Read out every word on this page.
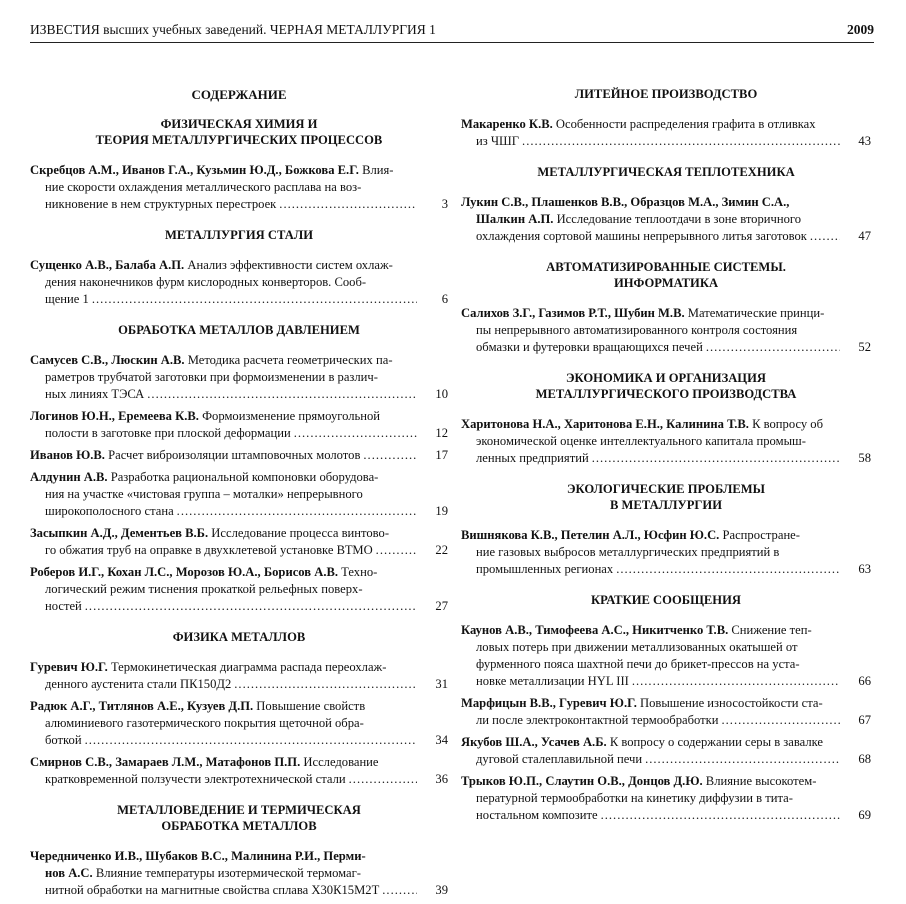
ИЗВЕСТИЯ высших учебных заведений. ЧЕРНАЯ МЕТАЛЛУРГИЯ 1	2009
СОДЕРЖАНИЕ
ФИЗИЧЕСКАЯ ХИМИЯ И
ТЕОРИЯ МЕТАЛЛУРГИЧЕСКИХ ПРОЦЕССОВ
Скребцов А.М., Иванов Г.А., Кузьмин Ю.Д., Божкова Е.Г. Влия-
ние скорости охлаждения металлического расплава на воз-
никновение в нем структурных перестроек .....	3
МЕТАЛЛУРГИЯ СТАЛИ
Сущенко А.В., Балаба А.П. Анализ эффективности систем охлаж-
дения наконечников фурм кислородных конверторов. Сооб-
щение 1 .....	6
ОБРАБОТКА МЕТАЛЛОВ ДАВЛЕНИЕМ
Самусев С.В., Люскин А.В. Методика расчета геометрических па-
раметров трубчатой заготовки при формоизменении в различ-
ных линиях ТЭСА .....	10
Логинов Ю.Н., Еремеева К.В. Формоизменение прямоугольной
полости в заготовке при плоской деформации .....	12
Иванов Ю.В. Расчет виброизоляции штамповочных молотов .....	17
Алдунин А.В. Разработка рациональной компоновки оборудова-
ния на участке «чистовая группа – моталки» непрерывного
широкополосного стана .....	19
Засыпкин А.Д., Дементьев В.Б. Исследование процесса винтово-
го обжатия труб на оправке в двухклетевой установке ВТМО .....	22
Роберов И.Г., Кохан Л.С., Морозов Ю.А., Борисов А.В. Техно-
логический режим тиснения прокаткой рельефных поверх-
ностей .....	27
ФИЗИКА МЕТАЛЛОВ
Гуревич Ю.Г. Термокинетическая диаграмма распада переохлаж-
денного аустенита стали ПК150Д2 .....	31
Радюк А.Г., Титлянов А.Е., Кузуев Д.П. Повышение свойств
алюминиевого газотермического покрытия щеточной обра-
боткой .....	34
Смирнов С.В., Замараев Л.М., Матафонов П.П. Исследование
кратковременной ползучести электротехнической стали .....	36
МЕТАЛЛОВЕДЕНИЕ И ТЕРМИЧЕСКАЯ
ОБРАБОТКА МЕТАЛЛОВ
Чередниченко И.В., Шубаков В.С., Малинина Р.И., Перми-
нов А.С. Влияние температуры изотермической термомаг-
нитной обработки на магнитные свойства сплава Х30К15М2Т .....	39
ЛИТЕЙНОЕ ПРОИЗВОДСТВО
Макаренко К.В. Особенности распределения графита в отливках
из ЧШГ .....	43
МЕТАЛЛУРГИЧЕСКАЯ ТЕПЛОТЕХНИКА
Лукин С.В., Плашенков В.В., Образцов М.А., Зимин С.А.,
Шалкин А.П. Исследование теплоотдачи в зоне вторичного
охлаждения сортовой машины непрерывного литья заготовок .....	47
АВТОМАТИЗИРОВАННЫЕ СИСТЕМЫ.
ИНФОРМАТИКА
Салихов З.Г., Газимов Р.Т., Шубин М.В. Математические принци-
пы непрерывного автоматизированного контроля состояния
обмазки и футеровки вращающихся печей .....	52
ЭКОНОМИКА И ОРГАНИЗАЦИЯ
МЕТАЛЛУРГИЧЕСКОГО ПРОИЗВОДСТВА
Харитонова Н.А., Харитонова Е.Н., Калинина Т.В. К вопросу об
экономической оценке интеллектуального капитала промыш-
ленных предприятий .....	58
ЭКОЛОГИЧЕСКИЕ ПРОБЛЕМЫ
В МЕТАЛЛУРГИИ
Вишнякова К.В., Петелин А.Л., Юсфин Ю.С. Распростране-
ние газовых выбросов металлургических предприятий в
промышленных регионах .....	63
КРАТКИЕ СООБЩЕНИЯ
Каунов А.В., Тимофеева А.С., Никитченко Т.В. Снижение теп-
ловых потерь при движении металлизованных окатышей от
фурменного пояса шахтной печи до брикет-прессов на уста-
новке металлизации HYL III .....	66
Марфицын В.В., Гуревич Ю.Г. Повышение износостойкости ста-
ли после электроконтактной термообработки .....	67
Якубов Ш.А., Усачев А.Б. К вопросу о содержании серы в завалке
дуговой сталеплавильной печи .....	68
Трыков Ю.П., Слаутин О.В., Донцов Д.Ю. Влияние высокотем-
пературной термообработки на кинетику диффузии в тита-
ностальном композите .....	69
